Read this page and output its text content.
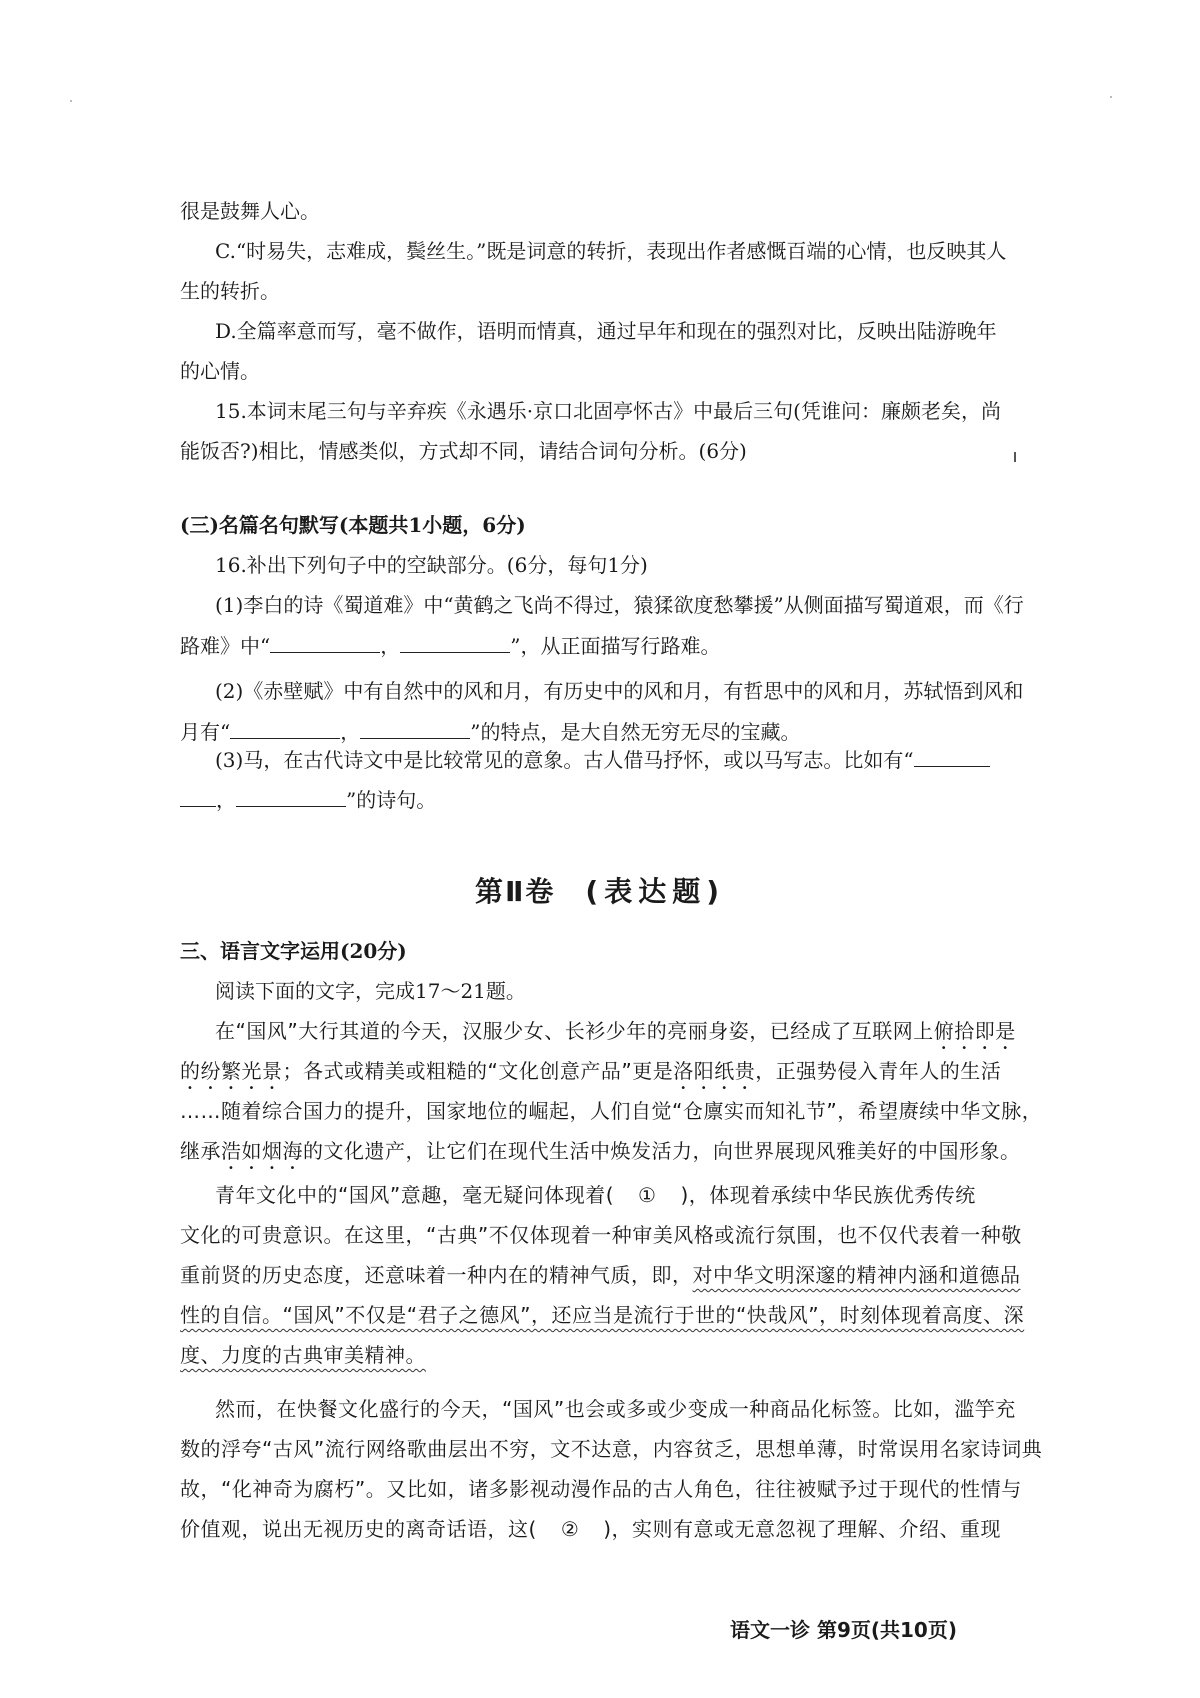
很是鼓舞人心。
C.“时易失，志难成，鬓丝生。”既是词意的转折，表现出作者感慨百端的心情，也反映其人
生的转折。
D.全篇率意而写，毫不做作，语明而情真，通过早年和现在的强烈对比，反映出陆游晚年
的心情。
15.本词末尾三句与辛弃疾《永遇乐·京口北固亭怀古》中最后三句(凭谁问：廉颇老矣，尚
能饭否?)相比，情感类似，方式却不同，请结合词句分析。(6分)
(三)名篇名句默写(本题共1小题，6分)
16.补出下列句子中的空缺部分。(6分，每句1分)
(1)李白的诗《蜀道难》中“黄鹤之飞尚不得过，猿猱欲度愁攀援”从侧面描写蜀道艰，而《行
路难》中“	，	”，从正面描写行路难。
(2)《赤壁赋》中有自然中的风和月，有历史中的风和月，有哲思中的风和月，苏轼悟到风和
月有“	，	”的特点，是大自然无穷无尽的宝藏。
(3)马，在古代诗文中是比较常见的意象。古人借马抒怀，或以马写志。比如有“
，	”的诗句。
第Ⅱ卷 (表达题)
三、语言文字运用(20分)
阅读下面的文字，完成17～21题。
在“国风”大行其道的今天，汉服少女、长衫少年的亮丽身姿，已经成了互联网上俯拾即是
的纷繁光景；各式或精美或粗糙的“文化创意产品”更是洛阳纸贵，正强势侵入青年人的生活
……随着综合国力的提升，国家地位的崛起，人们自觉“仓廪实而知礼节”，希望赓续中华文脉，
继承浩如烟海的文化遗产，让它们在现代生活中焕发活力，向世界展现风雅美好的中国形象。
青年文化中的“国风”意趣，毫无疑问体现着( ① )，体现着承续中华民族优秀传统
文化的可贵意识。在这里，“古典”不仅体现着一种审美风格或流行氛围，也不仅代表着一种敬
重前贤的历史态度，还意味着一种内在的精神气质，即，对中华文明深邃的精神内涵和道德品
性的自信。“国风”不仅是“君子之德风”，还应当是流行于世的“快哉风”，时刻体现着高度、深
度、力度的古典审美精神。
然而，在快餐文化盛行的今天，“国风”也会或多或少变成一种商品化标签。比如，滥竽充
数的浮夸“古风”流行网络歌曲层出不穷，文不达意，内容贫乏，思想单薄，时常误用名家诗词典
故，“化神奇为腐朽”。又比如，诸多影视动漫作品的古人角色，往往被赋予过于现代的性情与
价值观，说出无视历史的离奇话语，这( ② )，实则有意或无意忽视了理解、介绍、重现
语文一诊 第9页(共10页)
